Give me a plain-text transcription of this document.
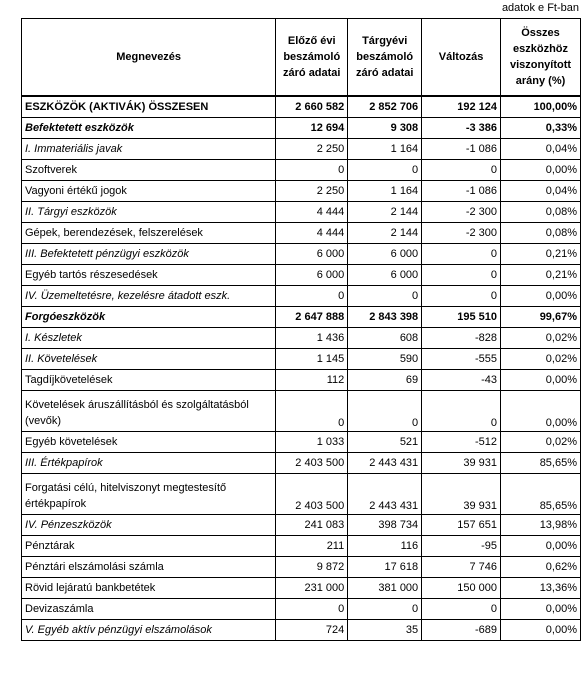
adatok e Ft-ban
Megnevezés	Előző évi beszámoló záró adatai	Tárgyévi beszámoló záró adatai	Változás	Összes eszközhöz viszonyított arány (%)
ESZKÖZÖK (AKTIVÁK) ÖSSZESEN	2 660 582	2 852 706	192 124	100,00%
Befektetett eszközök	12 694	9 308	-3 386	0,33%
I. Immateriális javak	2 250	1 164	-1 086	0,04%
Szoftverek	0	0	0	0,00%
Vagyoni értékű jogok	2 250	1 164	-1 086	0,04%
II. Tárgyi eszközök	4 444	2 144	-2 300	0,08%
Gépek, berendezések, felszerelések	4 444	2 144	-2 300	0,08%
III. Befektetett pénzügyi eszközök	6 000	6 000	0	0,21%
Egyéb tartós részesedések	6 000	6 000	0	0,21%
IV. Üzemeltetésre, kezelésre átadott eszk.	0	0	0	0,00%
Forgóeszközök	2 647 888	2 843 398	195 510	99,67%
I. Készletek	1 436	608	-828	0,02%
II. Követelések	1 145	590	-555	0,02%
Tagdíjkövetelések	112	69	-43	0,00%
Követelések áruszállításból és szolgáltatásból (vevők)	0	0	0	0,00%
Egyéb követelések	1 033	521	-512	0,02%
III. Értékpapírok	2 403 500	2 443 431	39 931	85,65%
Forgatási célú, hitelviszonyt megtestesítő értékpapírok	2 403 500	2 443 431	39 931	85,65%
IV. Pénzeszközök	241 083	398 734	157 651	13,98%
Pénztárak	211	116	-95	0,00%
Pénztári elszámolási számla	9 872	17 618	7 746	0,62%
Rövid lejáratú bankbetétek	231 000	381 000	150 000	13,36%
Devizaszámla	0	0	0	0,00%
V. Egyéb aktív pénzügyi elszámolások	724	35	-689	0,00%
